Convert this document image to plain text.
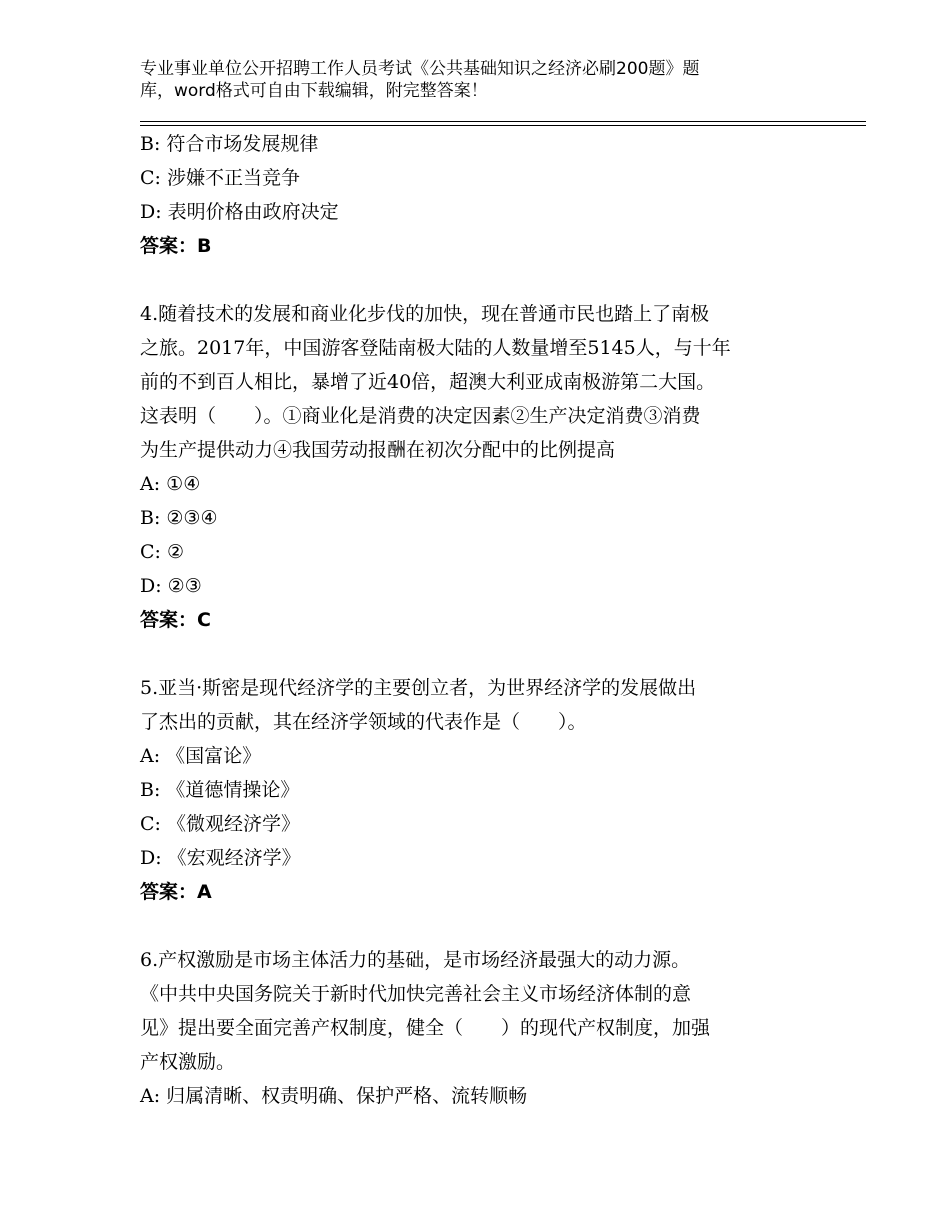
专业事业单位公开招聘工作人员考试《公共基础知识之经济必刷200题》题
库，word格式可自由下载编辑，附完整答案！
B: 符合市场发展规律
C: 涉嫌不正当竞争
D: 表明价格由政府决定
答案：B
4.随着技术的发展和商业化步伐的加快，现在普通市民也踏上了南极
之旅。2017年，中国游客登陆南极大陆的人数量增至5145人，与十年
前的不到百人相比，暴增了近40倍，超澳大利亚成南极游第二大国。
这表明（　　）。①商业化是消费的决定因素②生产决定消费③消费
为生产提供动力④我国劳动报酬在初次分配中的比例提高
A: ①④
B: ②③④
C: ②
D: ②③
答案：C
5.亚当·斯密是现代经济学的主要创立者，为世界经济学的发展做出
了杰出的贡献，其在经济学领域的代表作是（　　）。
A: 《国富论》
B: 《道德情操论》
C: 《微观经济学》
D: 《宏观经济学》
答案：A
6.产权激励是市场主体活力的基础，是市场经济最强大的动力源。
《中共中央国务院关于新时代加快完善社会主义市场经济体制的意
见》提出要全面完善产权制度，健全（　　）的现代产权制度，加强
产权激励。
A: 归属清晰、权责明确、保护严格、流转顺畅
